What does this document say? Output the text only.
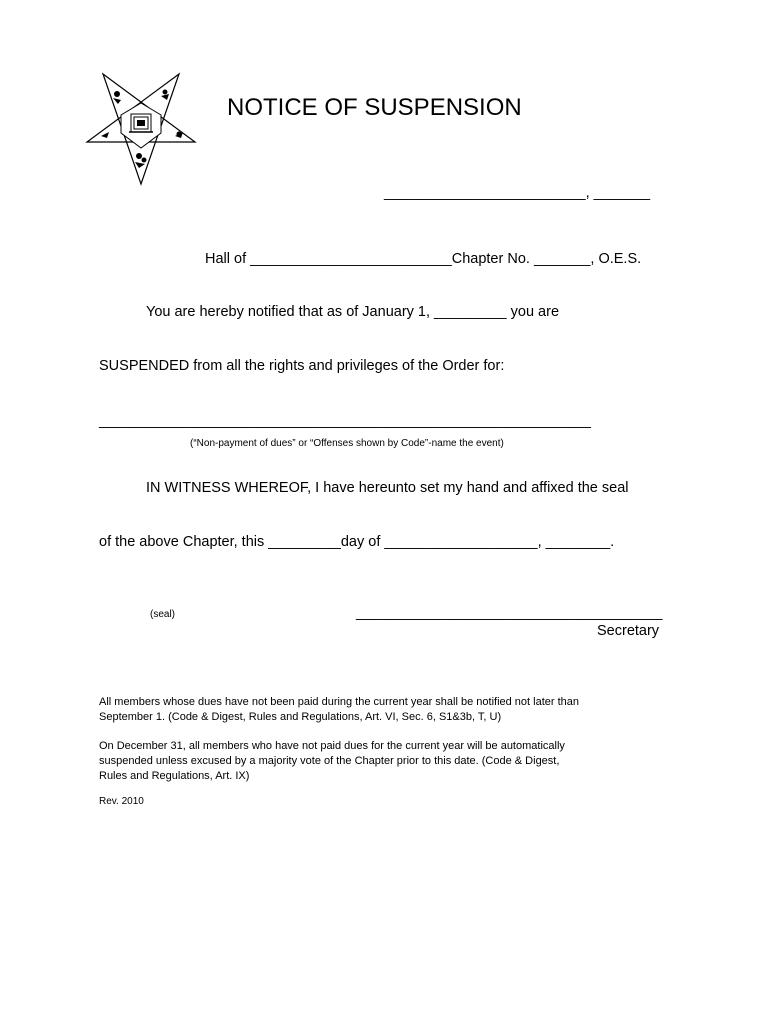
NOTICE OF SUSPENSION
_________________________, _______
Hall of _________________________Chapter No. _______, O.E.S.
You are hereby notified that as of January 1, _________ you are
SUSPENDED from all the rights and privileges of the Order for:
_____________________________________________________________
(“Non-payment of dues” or “Offenses shown by Code”-name the event)
IN WITNESS WHEREOF, I have hereunto set my hand and affixed the seal
of the above Chapter, this _________day of ___________________, ________.
(seal)	______________________________________
Secretary
All members whose dues have not been paid during the current year shall be notified not later than
September 1. (Code & Digest, Rules and Regulations, Art. VI, Sec. 6, S1&3b, T, U)
On December 31, all members who have not paid dues for the current year will be automatically
suspended unless excused by a majority vote of the Chapter prior to this date. (Code & Digest,
Rules and Regulations, Art. IX)
Rev. 2010
